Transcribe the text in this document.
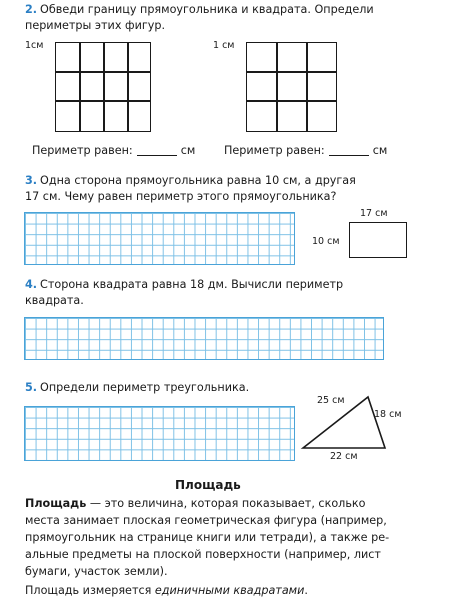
2. Обведи границу прямоугольника и квадрата. Определи
периметры этих фигур.
1см	1 см
Периметр равен:	см	Периметр равен:	см
3. Одна сторона прямоугольника равна 10 см, а другая
17 см. Чему равен периметр этого прямоугольника?
17 см
10 см
4. Сторона квадрата равна 18 дм. Вычисли периметр
квадрата.
5. Определи периметр треугольника.
25 см
18 см
22 см
Площадь
Площадь — это величина, которая показывает, сколько
места занимает плоская геометрическая фигура (например,
прямоугольник на странице книги или тетради), а также ре-
альные предметы на плоской поверхности (например, лист
бумаги, участок земли).
Площадь измеряется единичными квадратами.
